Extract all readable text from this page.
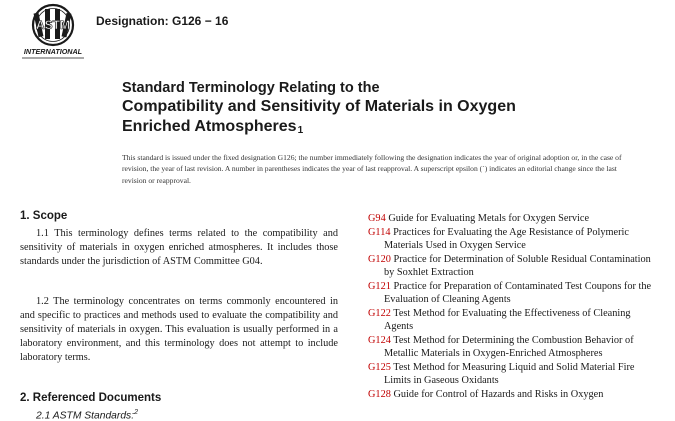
ASTM
INTERNATIONAL
Designation: G126 − 16
Standard Terminology Relating to the
Compatibility and Sensitivity of Materials in Oxygen
Enriched Atmospheres1
This standard is issued under the fixed designation G126; the number immediately following the designation indicates the year of original adoption or, in the case of revision, the year of last revision. A number in parentheses indicates the year of last reapproval. A superscript epsilon (´) indicates an editorial change since the last revision or reapproval.
1. Scope
1.1 This terminology defines terms related to the compatibility and sensitivity of materials in oxygen enriched atmospheres. It includes those standards under the jurisdiction of ASTM Committee G04.
1.2 The terminology concentrates on terms commonly encountered in and specific to practices and methods used to evaluate the compatibility and sensitivity of materials in oxygen. This evaluation is usually performed in a laboratory environment, and this terminology does not attempt to include laboratory terms.
2. Referenced Documents
2.1 ASTM Standards:$^2$
G94 Guide for Evaluating Metals for Oxygen Service
G114 Practices for Evaluating the Age Resistance of Polymeric Materials Used in Oxygen Service
G120 Practice for Determination of Soluble Residual Contamination by Soxhlet Extraction
G121 Practice for Preparation of Contaminated Test Coupons for the Evaluation of Cleaning Agents
G122 Test Method for Evaluating the Effectiveness of Cleaning Agents
G124 Test Method for Determining the Combustion Behavior of Metallic Materials in Oxygen-Enriched Atmospheres
G125 Test Method for Measuring Liquid and Solid Material Fire Limits in Gaseous Oxidants
G128 Guide for Control of Hazards and Risks in Oxygen
